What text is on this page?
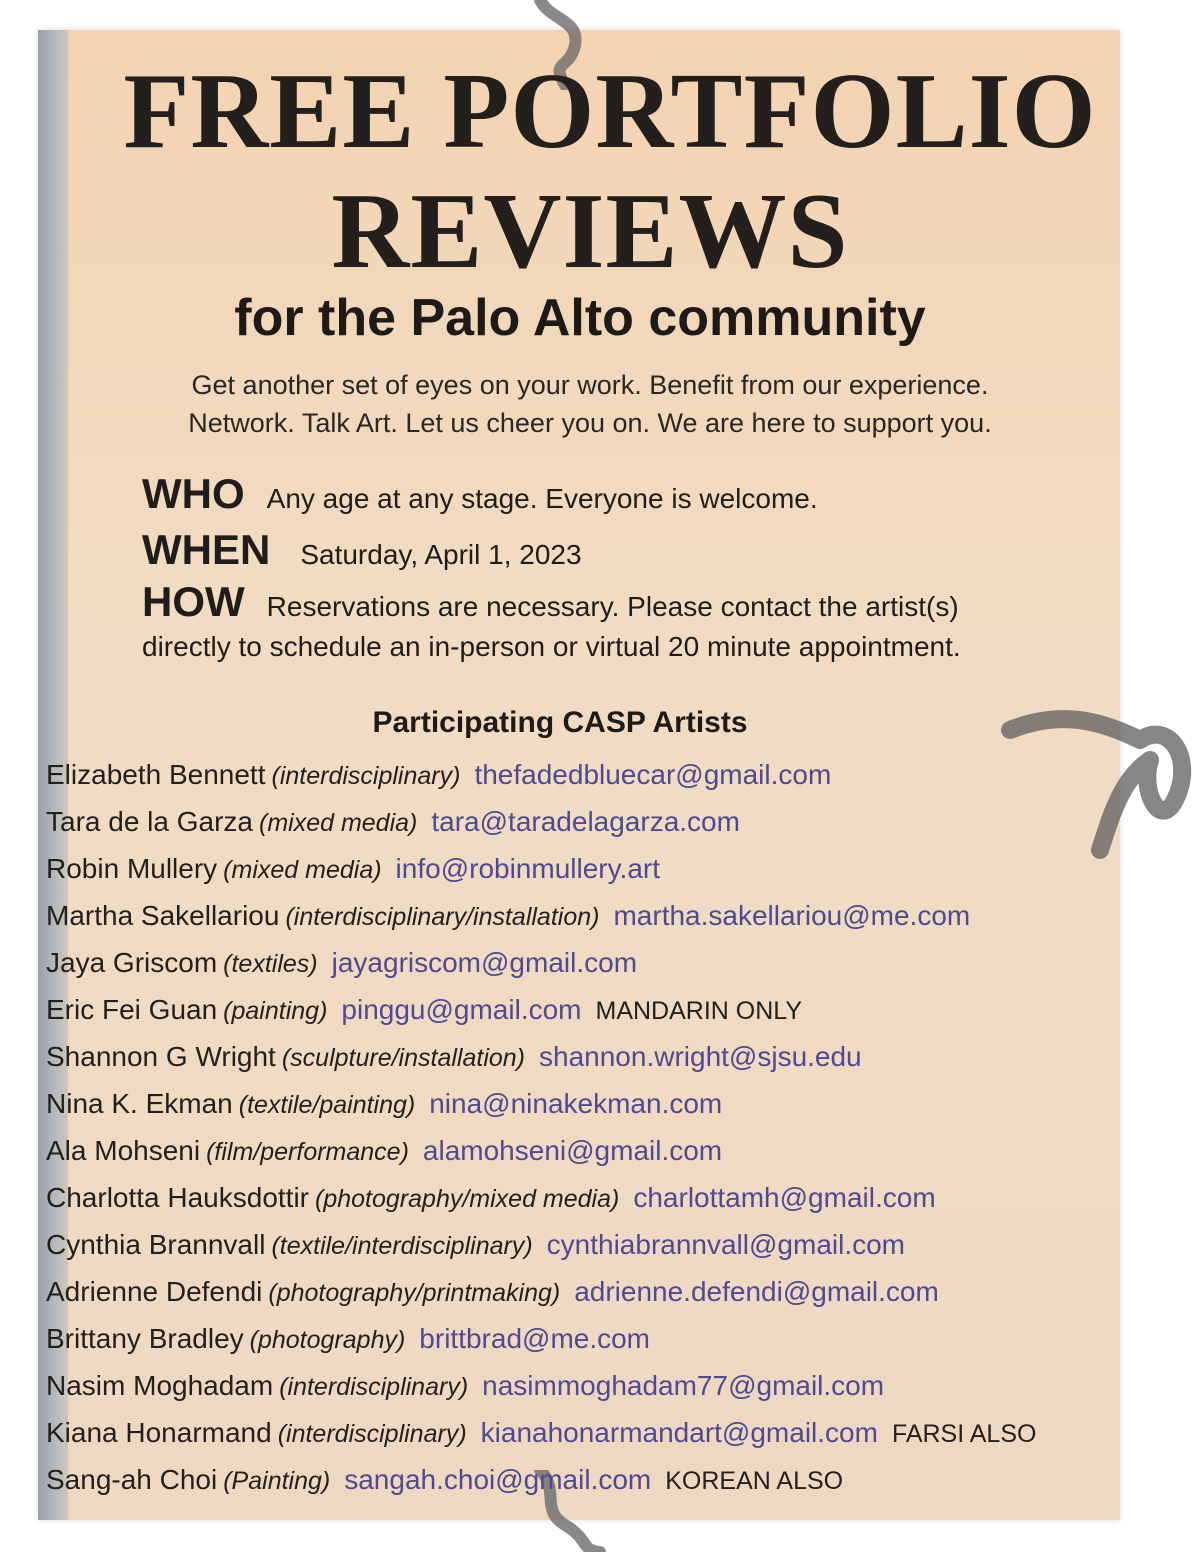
FREE PORTFOLIO
REVIEWS
for the Palo Alto community
Get another set of eyes on your work. Benefit from our experience.
Network. Talk Art. Let us cheer you on. We are here to support you.
WHO Any age at any stage. Everyone is welcome.
WHEN Saturday, April 1, 2023
HOW Reservations are necessary. Please contact the artist(s)
directly to schedule an in-person or virtual 20 minute appointment.
Participating CASP Artists
Elizabeth Bennett (interdisciplinary) thefadedbluecar@gmail.com
Tara de la Garza (mixed media) tara@taradelagarza.com
Robin Mullery (mixed media) info@robinmullery.art
Martha Sakellariou (interdisciplinary/installation) martha.sakellariou@me.com
Jaya Griscom (textiles) jayagriscom@gmail.com
Eric Fei Guan (painting) pinggu@gmail.com MANDARIN ONLY
Shannon G Wright (sculpture/installation) shannon.wright@sjsu.edu
Nina K. Ekman (textile/painting) nina@ninakekman.com
Ala Mohseni (film/performance) alamohseni@gmail.com
Charlotta Hauksdottir (photography/mixed media) charlottamh@gmail.com
Cynthia Brannvall (textile/interdisciplinary) cynthiabrannvall@gmail.com
Adrienne Defendi (photography/printmaking) adrienne.defendi@gmail.com
Brittany Bradley (photography) brittbrad@me.com
Nasim Moghadam (interdisciplinary) nasimmoghadam77@gmail.com
Kiana Honarmand (interdisciplinary) kianahonarmandart@gmail.com FARSI ALSO
Sang-ah Choi (Painting) sangah.choi@gmail.com KOREAN ALSO
